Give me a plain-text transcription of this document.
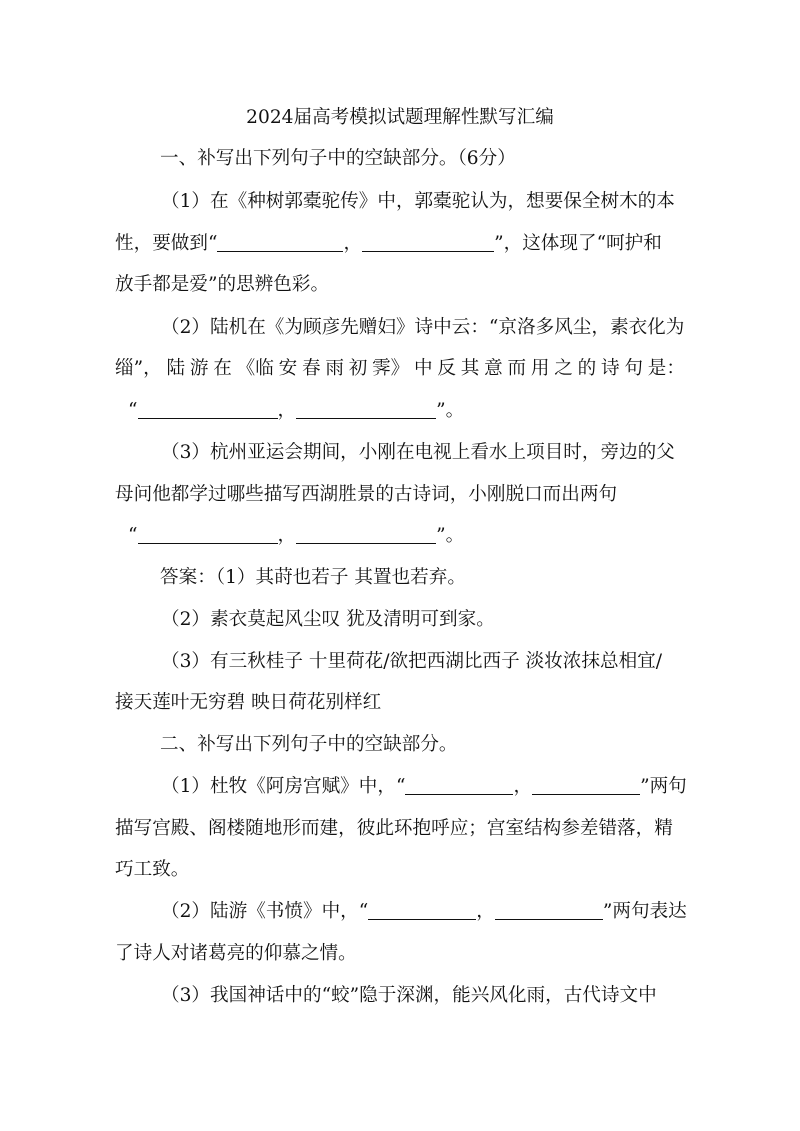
2024届高考模拟试题理解性默写汇编
一、补写出下列句子中的空缺部分。（6分）
（1）在《种树郭橐驼传》中，郭橐驼认为，想要保全树木的本
性，要做到“	，	”，这体现了“呵护和
放手都是爱”的思辨色彩。
（2）陆机在《为顾彦先赠妇》诗中云：“京洛多风尘，素衣化为
缁”， 陆 游 在 《临 安 春 雨 初 霁》 中 反 其 意 而 用 之 的 诗 句 是：
“	，	”。
（3）杭州亚运会期间，小刚在电视上看水上项目时，旁边的父
母问他都学过哪些描写西湖胜景的古诗词，小刚脱口而出两句
“	，	”。
答案：（1）其莳也若子 其置也若弃。
（2）素衣莫起风尘叹 犹及清明可到家。
（3）有三秋桂子 十里荷花/欲把西湖比西子 淡妆浓抹总相宜/
接天莲叶无穷碧 映日荷花别样红
二、补写出下列句子中的空缺部分。
（1）杜牧《阿房宫赋》中，“	，	”两句
描写宫殿、阁楼随地形而建，彼此环抱呼应；宫室结构参差错落，精
巧工致。
（2）陆游《书愤》中，“	，	”两句表达
了诗人对诸葛亮的仰慕之情。
（3）我国神话中的“蛟”隐于深渊，能兴风化雨，古代诗文中
